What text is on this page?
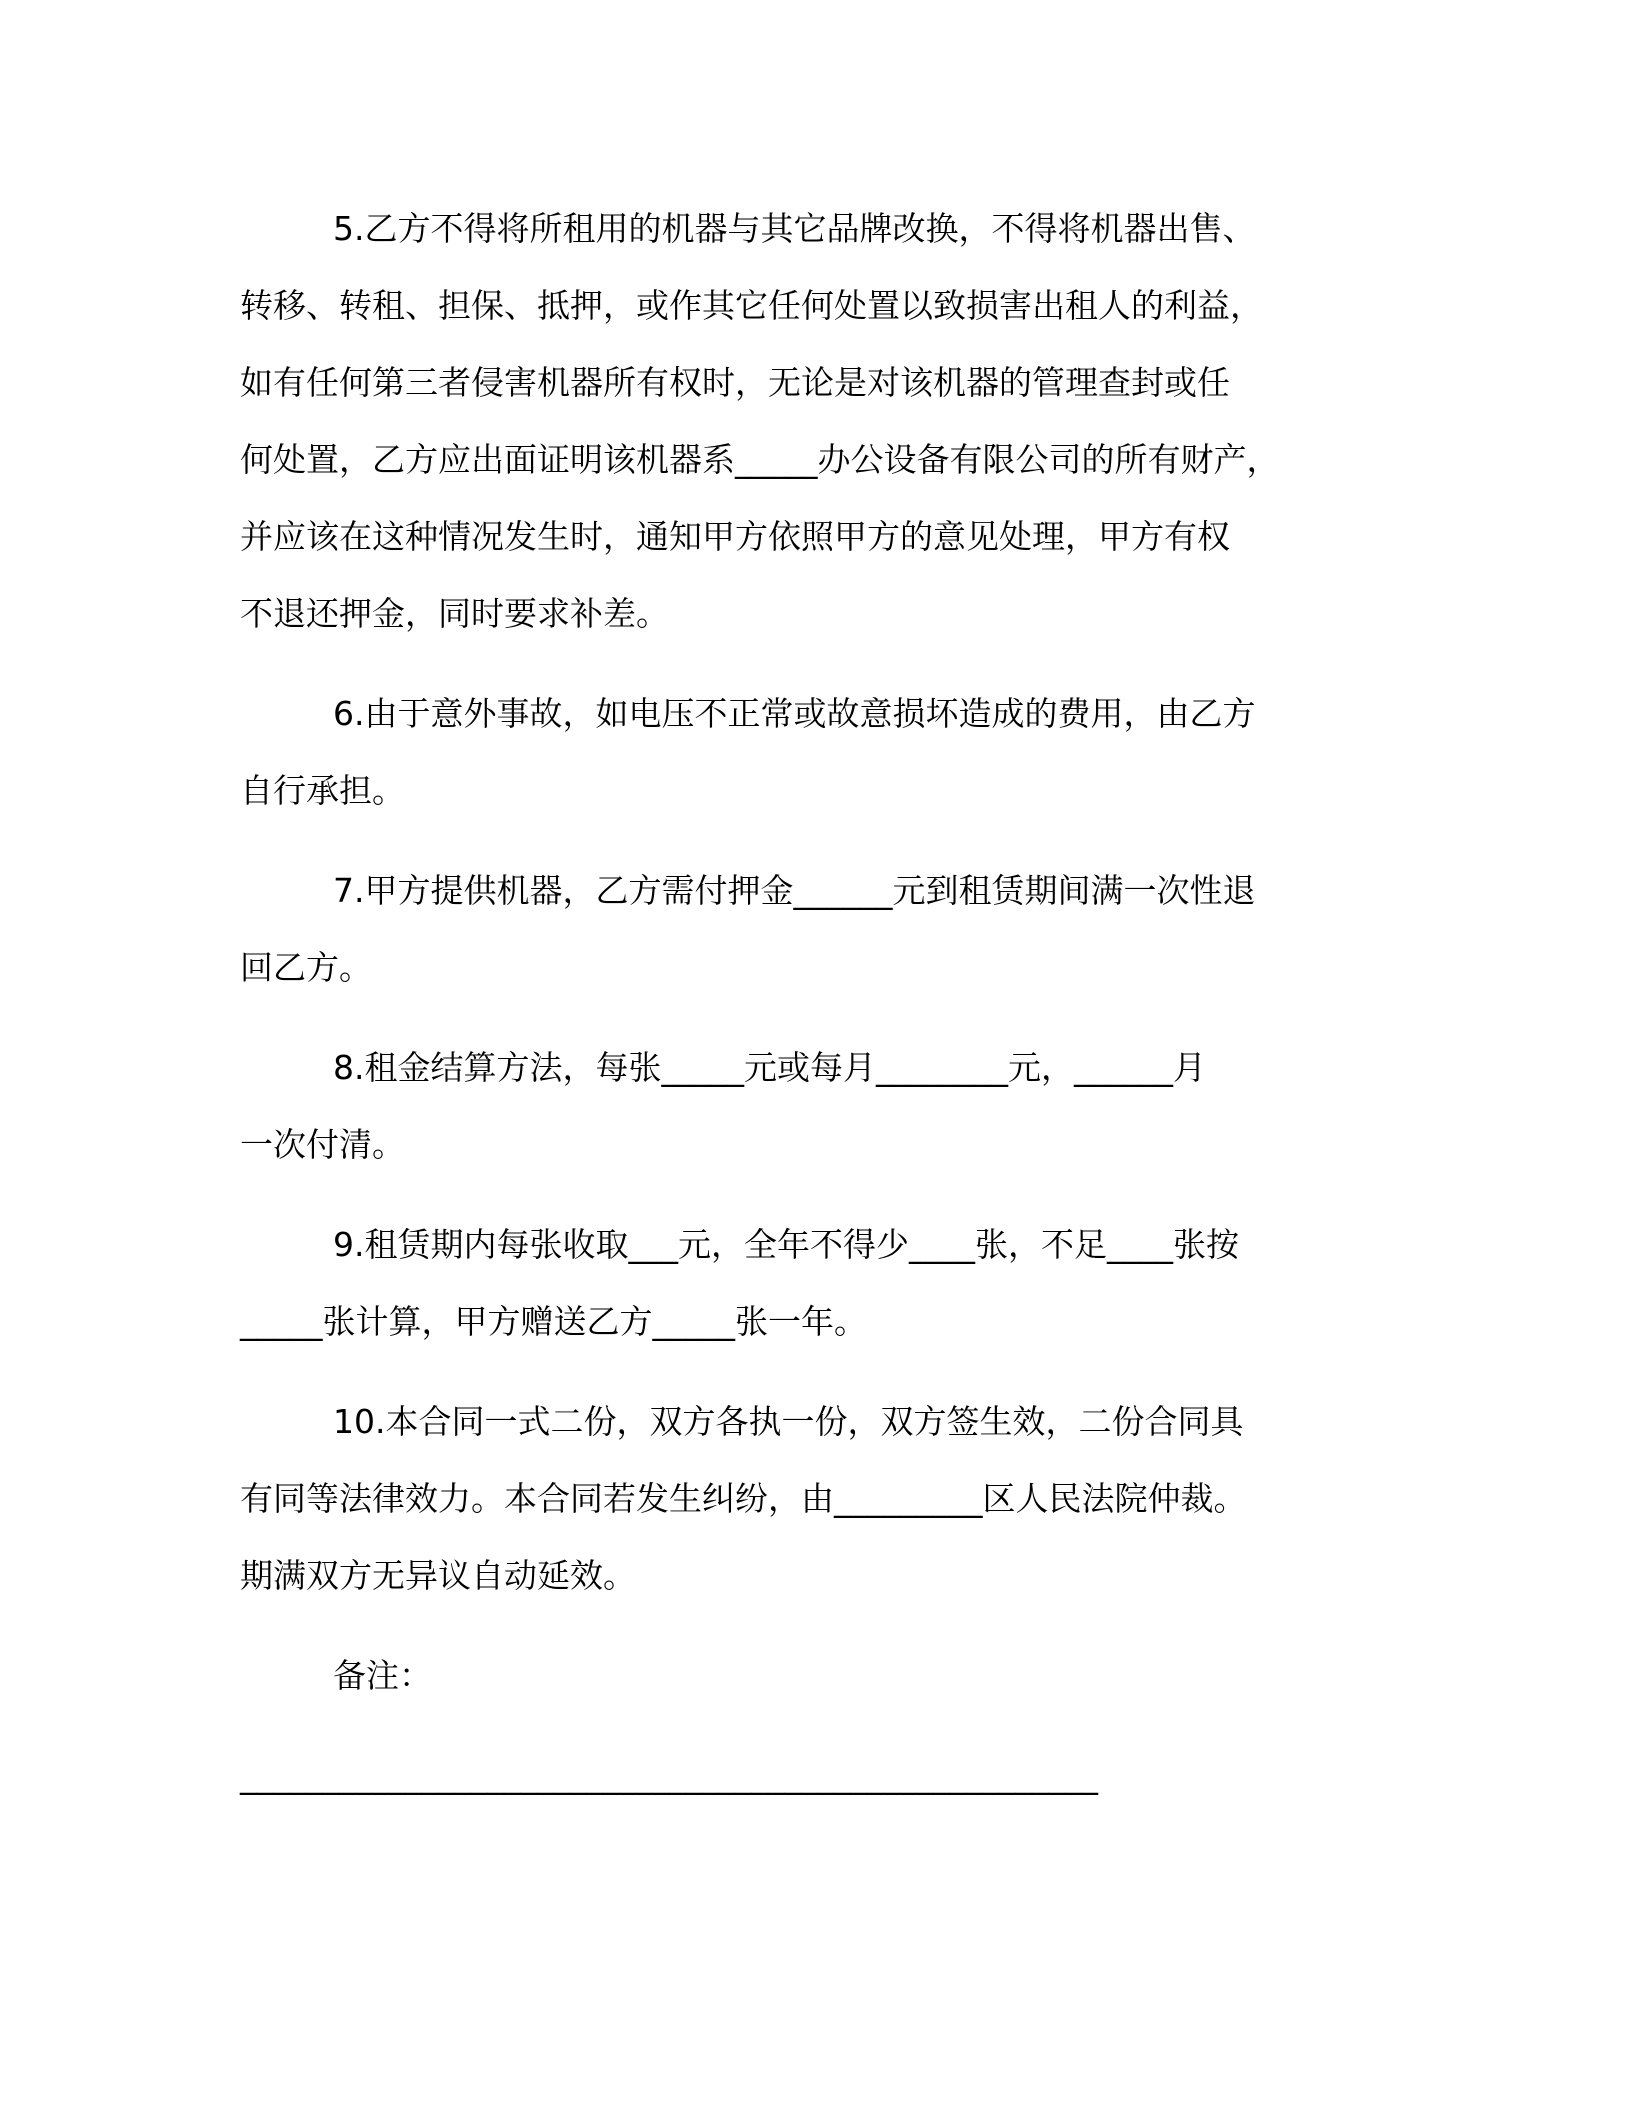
5.乙方不得将所租用的机器与其它品牌改换，不得将机器出售、
转移、转租、担保、抵押，或作其它任何处置以致损害出租人的利益，
如有任何第三者侵害机器所有权时，无论是对该机器的管理查封或任
何处置，乙方应出面证明该机器系_____办公设备有限公司的所有财产，
并应该在这种情况发生时，通知甲方依照甲方的意见处理，甲方有权
不退还押金，同时要求补差。
6.由于意外事故，如电压不正常或故意损坏造成的费用，由乙方
自行承担。
7.甲方提供机器，乙方需付押金______元到租赁期间满一次性退
回乙方。
8.租金结算方法，每张_____元或每月________元，______月
一次付清。
9.租赁期内每张收取___元，全年不得少____张，不足____张按
_____张计算，甲方赠送乙方_____张一年。
10.本合同一式二份，双方各执一份，双方签生效，二份合同具
有同等法律效力。本合同若发生纠纷，由_________区人民法院仲裁。
期满双方无异议自动延效。
备注：
____________________________________________________
